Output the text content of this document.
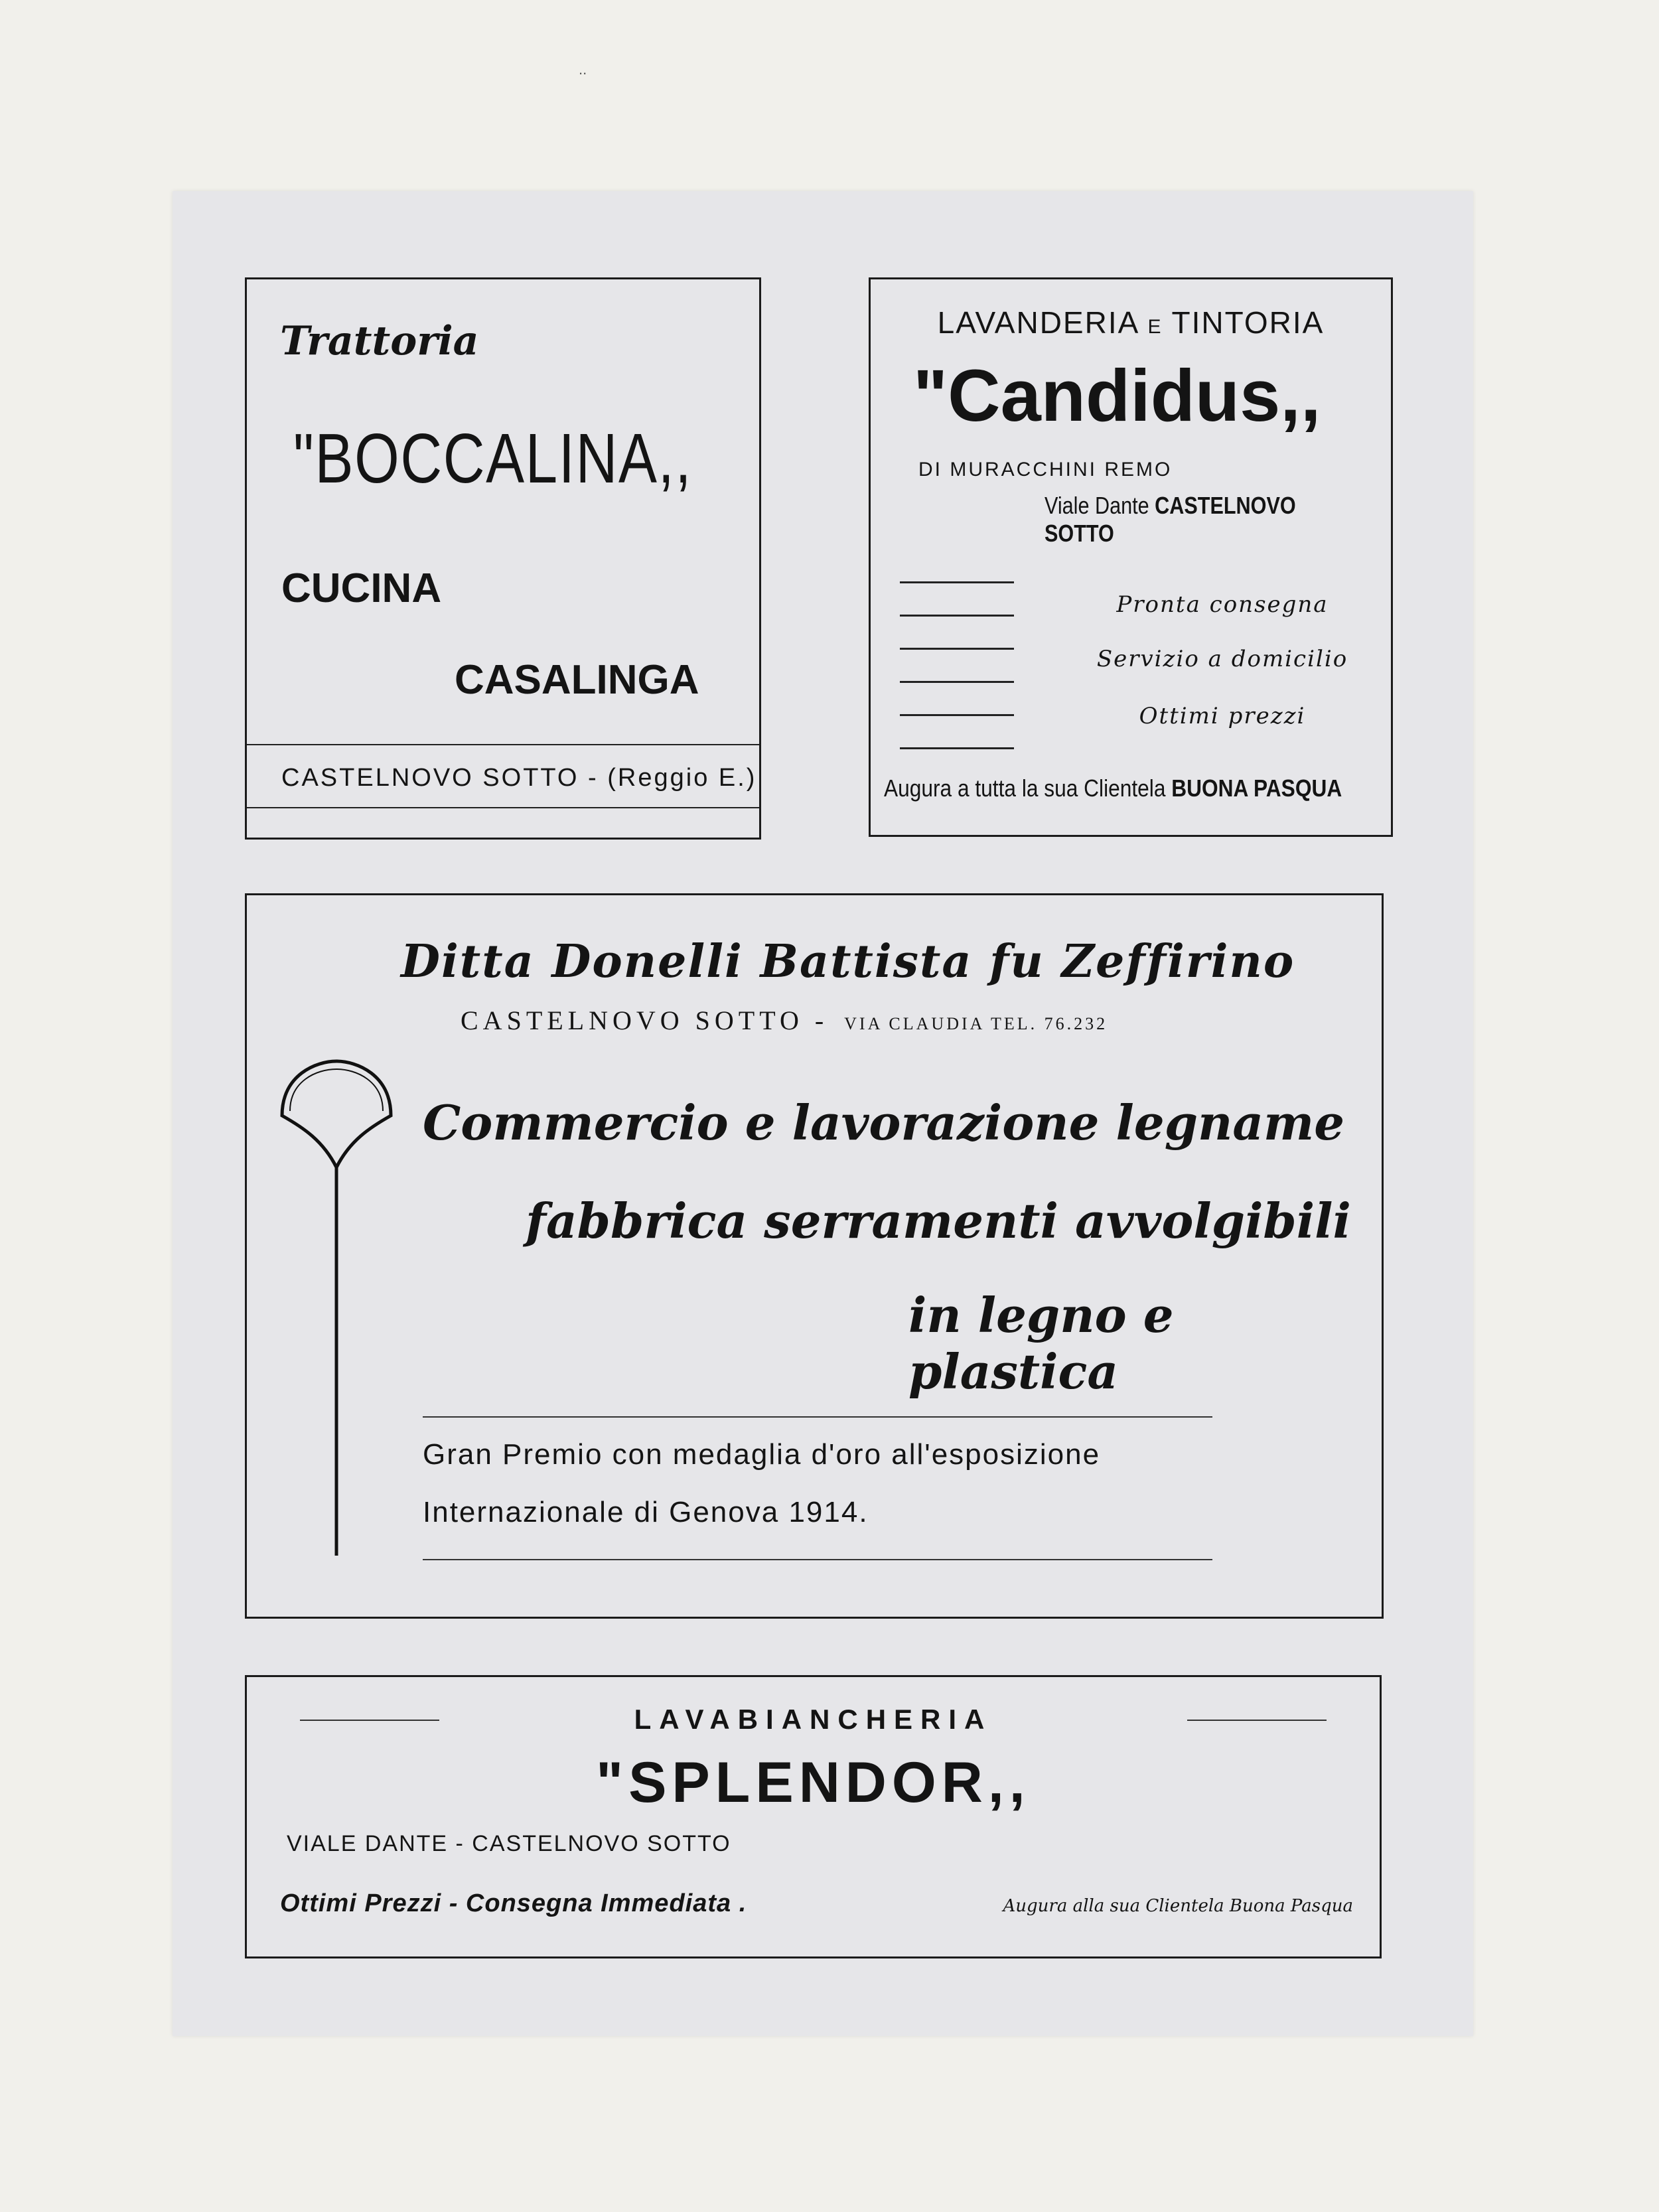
..
Trattoria
"BOCCALINA,,
CUCINA
CASALINGA
CASTELNOVO SOTTO - (Reggio E.)
LAVANDERIA E TINTORIA
"Candidus,,
DI MURACCHINI REMO
Viale Dante CASTELNOVO SOTTO
Pronta consegna
Servizio a domicilio
Ottimi prezzi
Augura a tutta la sua Clientela BUONA PASQUA
Ditta Donelli Battista fu Zeffirino
CASTELNOVO SOTTO - VIA CLAUDIA TEL. 76.232
Commercio e lavorazione legname
fabbrica serramenti avvolgibili
in legno e plastica
Gran Premio con medaglia d'oro all'esposizione
Internazionale di Genova 1914.
LAVABIANCHERIA
"SPLENDOR,,
VIALE DANTE - CASTELNOVO SOTTO
Ottimi Prezzi - Consegna Immediata .	Augura alla sua Clientela Buona Pasqua
